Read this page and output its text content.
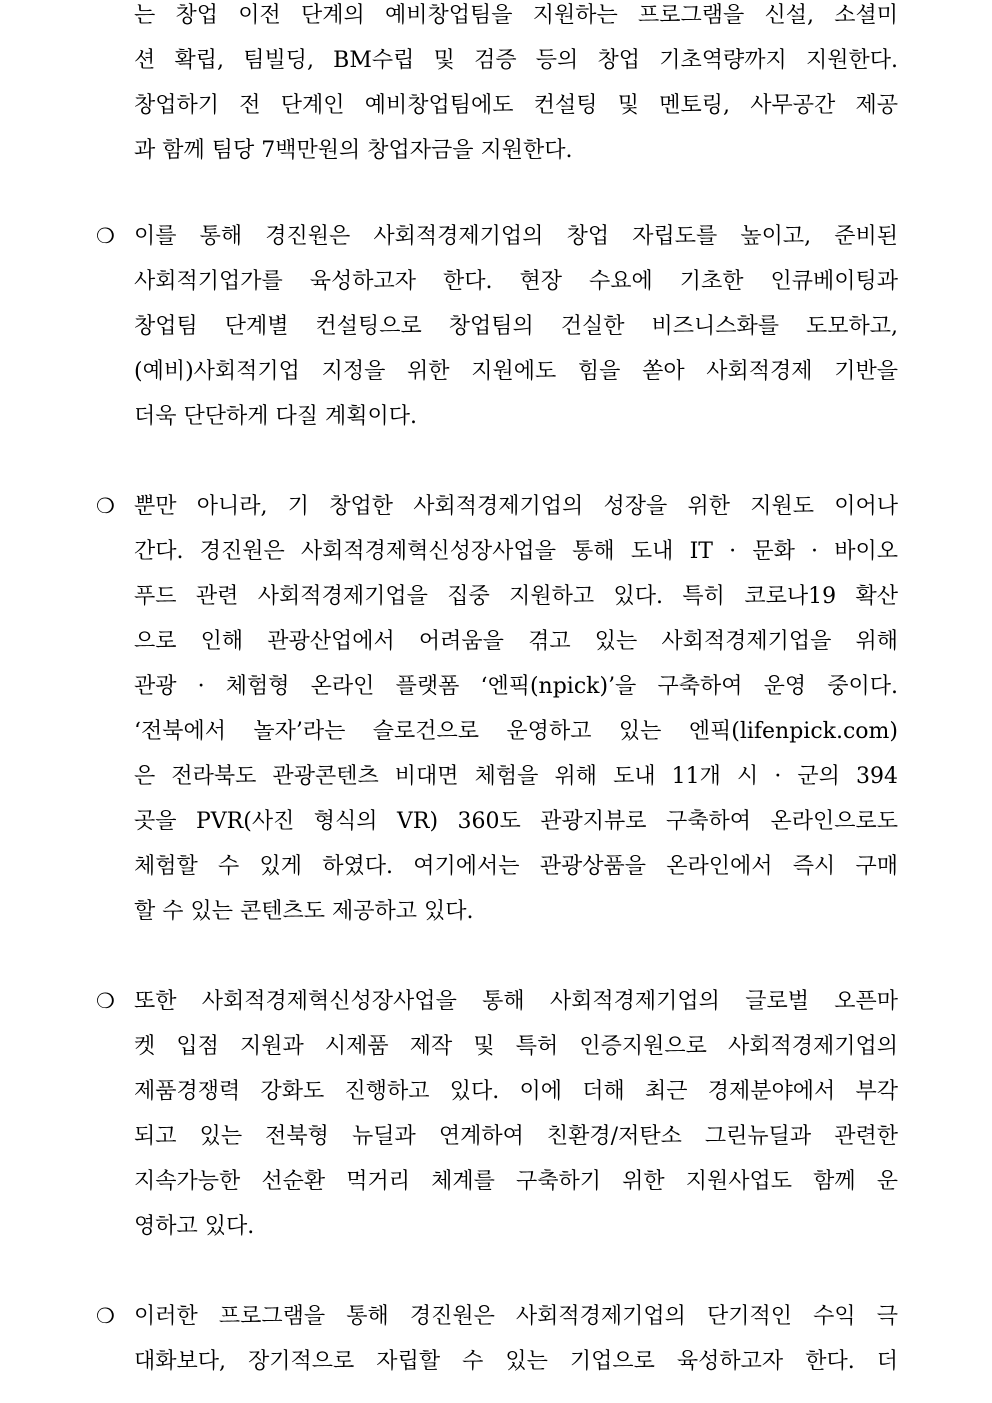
는 창업 이전 단계의 예비창업팀을 지원하는 프로그램을 신설, 소셜미
션 확립, 팀빌딩, BM수립 및 검증 등의 창업 기초역량까지 지원한다.
창업하기 전 단계인 예비창업팀에도 컨설팅 및 멘토링, 사무공간 제공
과 함께 팀당 7백만원의 창업자금을 지원한다.
❍ 이를 통해 경진원은 사회적경제기업의 창업 자립도를 높이고, 준비된
사회적기업가를 육성하고자 한다. 현장 수요에 기초한 인큐베이팅과
창업팀 단계별 컨설팅으로 창업팀의 건실한 비즈니스화를 도모하고,
(예비)사회적기업 지정을 위한 지원에도 힘을 쏟아 사회적경제 기반을
더욱 단단하게 다질 계획이다.
❍ 뿐만 아니라, 기 창업한 사회적경제기업의 성장을 위한 지원도 이어나
간다. 경진원은 사회적경제혁신성장사업을 통해 도내 IT · 문화 · 바이오
푸드 관련 사회적경제기업을 집중 지원하고 있다. 특히 코로나19 확산
으로 인해 관광산업에서 어려움을 겪고 있는 사회적경제기업을 위해
관광 · 체험형 온라인 플랫폼 ‘엔픽(npick)’을 구축하여 운영 중이다.
‘전북에서 놀자’라는 슬로건으로 운영하고 있는 엔픽(lifenpick.com)
은 전라북도 관광콘텐츠 비대면 체험을 위해 도내 11개 시 · 군의 394
곳을 PVR(사진 형식의 VR) 360도 관광지뷰로 구축하여 온라인으로도
체험할 수 있게 하였다. 여기에서는 관광상품을 온라인에서 즉시 구매
할 수 있는 콘텐츠도 제공하고 있다.
❍ 또한 사회적경제혁신성장사업을 통해 사회적경제기업의 글로벌 오픈마
켓 입점 지원과 시제품 제작 및 특허 인증지원으로 사회적경제기업의
제품경쟁력 강화도 진행하고 있다. 이에 더해 최근 경제분야에서 부각
되고 있는 전북형 뉴딜과 연계하여 친환경/저탄소 그린뉴딜과 관련한
지속가능한 선순환 먹거리 체계를 구축하기 위한 지원사업도 함께 운
영하고 있다.
❍ 이러한 프로그램을 통해 경진원은 사회적경제기업의 단기적인 수익 극
대화보다, 장기적으로 자립할 수 있는 기업으로 육성하고자 한다. 더
